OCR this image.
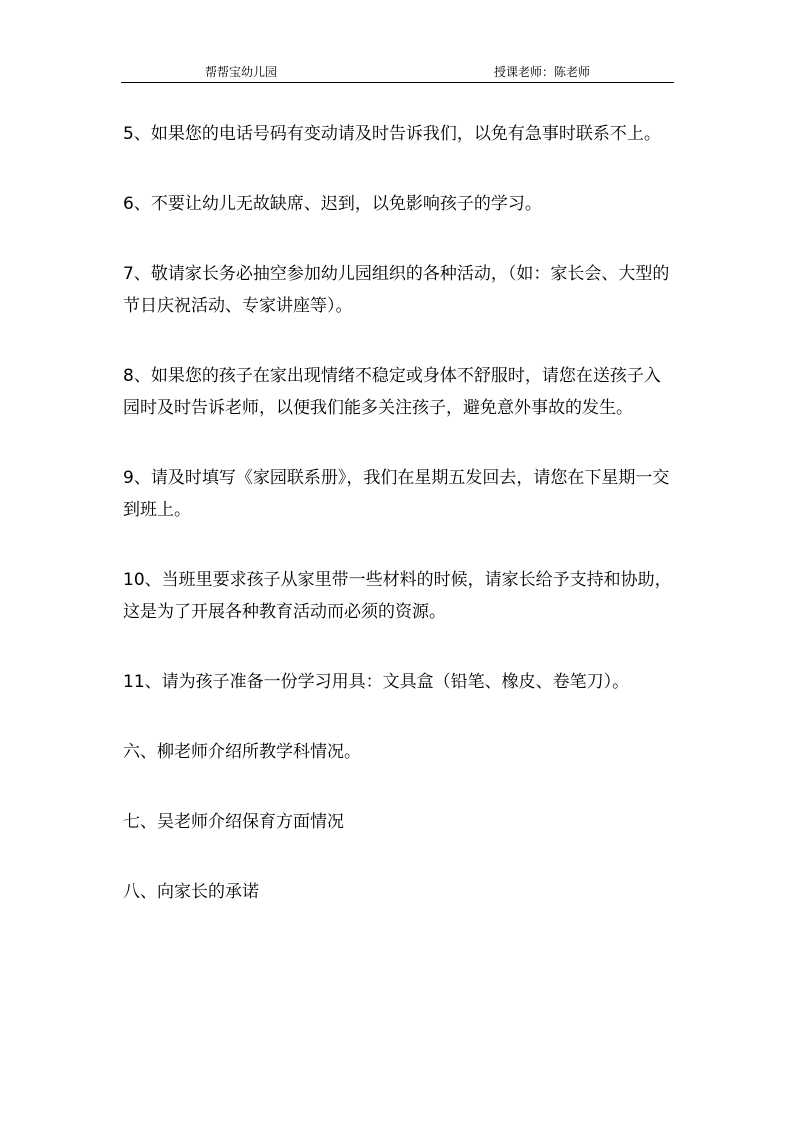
帮帮宝幼儿园	授课老师：陈老师

5、如果您的电话号码有变动请及时告诉我们，以免有急事时联系不上。

6、不要让幼儿无故缺席、迟到，以免影响孩子的学习。

7、敬请家长务必抽空参加幼儿园组织的各种活动，（如：家长会、大型的节日庆祝活动、专家讲座等）。

8、如果您的孩子在家出现情绪不稳定或身体不舒服时，请您在送孩子入园时及时告诉老师，以便我们能多关注孩子，避免意外事故的发生。

9、请及时填写《家园联系册》，我们在星期五发回去，请您在下星期一交到班上。

10、当班里要求孩子从家里带一些材料的时候，请家长给予支持和协助，这是为了开展各种教育活动而必须的资源。

11、请为孩子准备一份学习用具：文具盒（铅笔、橡皮、卷笔刀）。

六、柳老师介绍所教学科情况。

七、吴老师介绍保育方面情况

八、向家长的承诺
